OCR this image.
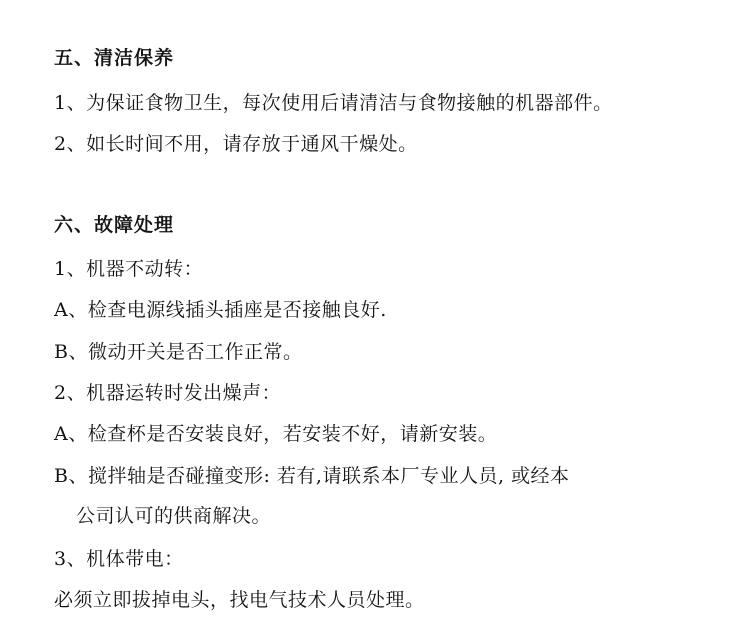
五、清洁保养
1、为保证食物卫生，每次使用后请清洁与食物接触的机器部件。
2、如长时间不用，请存放于通风干燥处。
六、故障处理
1、机器不动转：
A、检查电源线插头插座是否接触良好.
B、微动开关是否工作正常。
2、机器运转时发出燥声：
A、检查杯是否安装良好，若安装不好，请新安装。
B、搅拌轴是否碰撞变形: 若有,请联系本厂专业人员, 或经本
公司认可的供商解决。
3、机体带电：
必须立即拔掉电头，找电气技术人员处理。
